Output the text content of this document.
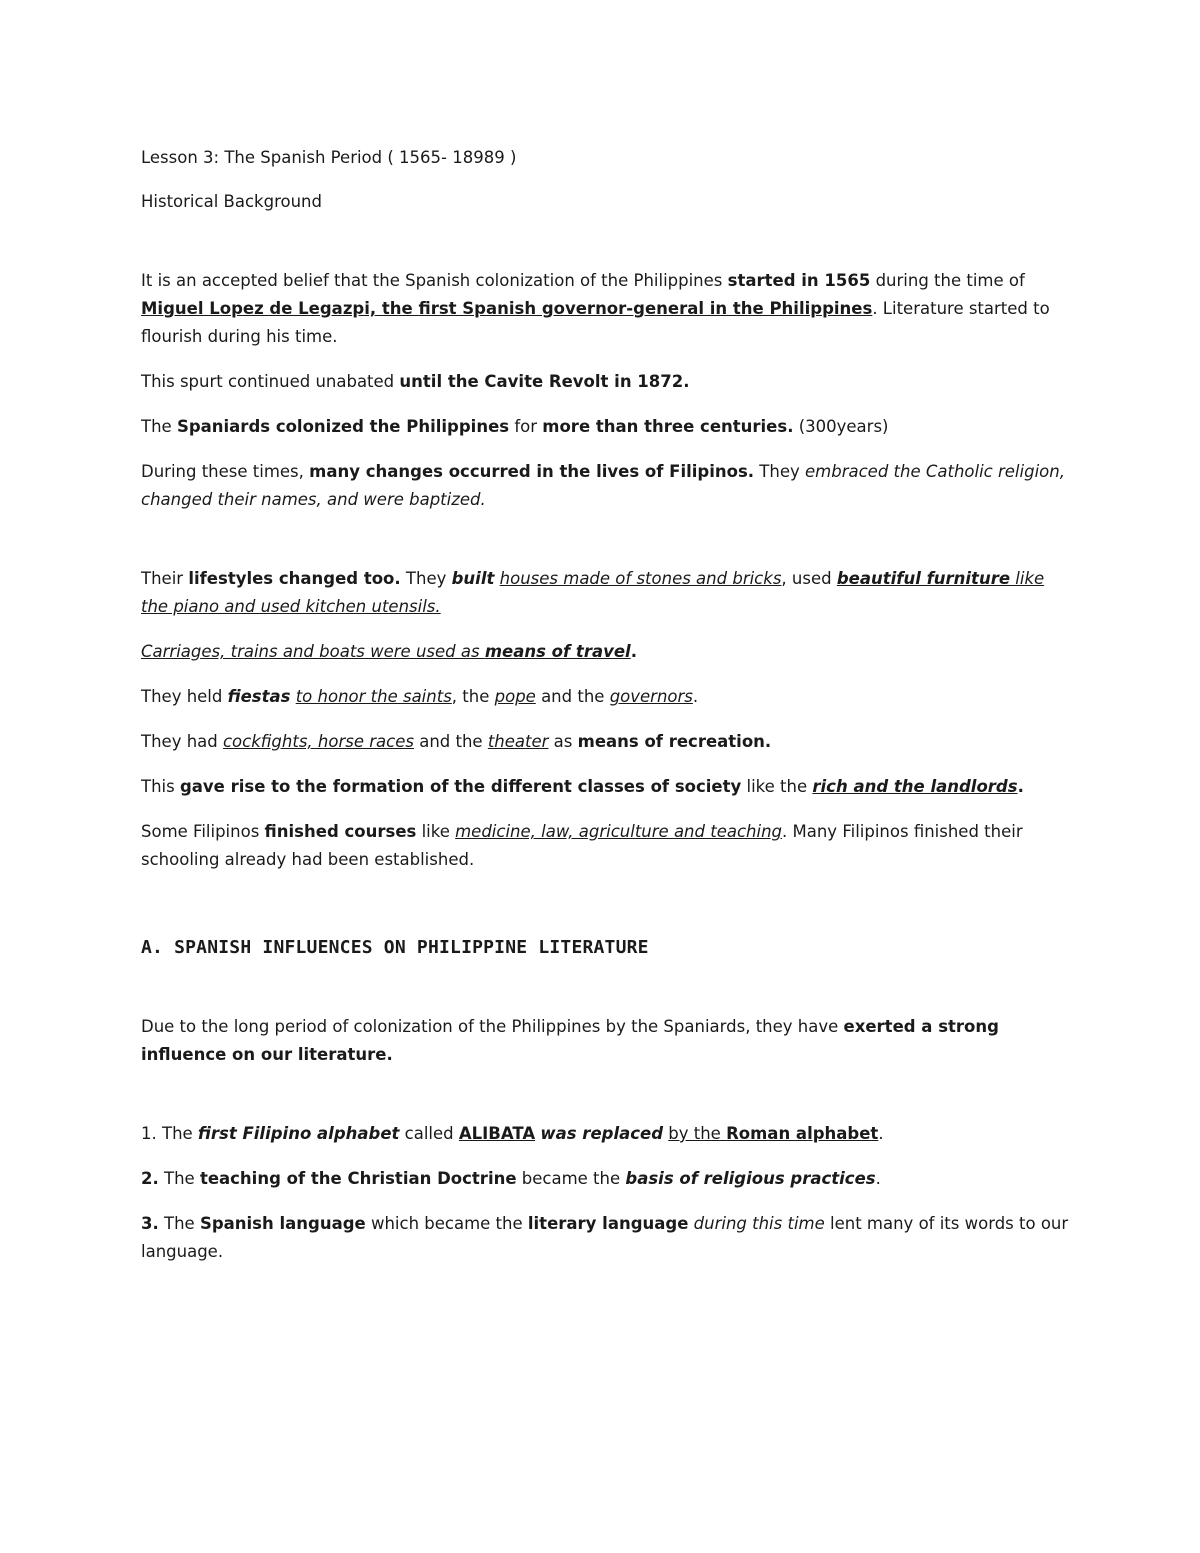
Lesson 3: The Spanish Period ( 1565- 18989 )

Historical Background

It is an accepted belief that the Spanish colonization of the Philippines started in 1565 during the time of Miguel Lopez de Legazpi, the first Spanish governor-general in the Philippines. Literature started to flourish during his time.

This spurt continued unabated until the Cavite Revolt in 1872.

The Spaniards colonized the Philippines for more than three centuries. (300years)

During these times, many changes occurred in the lives of Filipinos. They embraced the Catholic religion, changed their names, and were baptized.

Their lifestyles changed too. They built houses made of stones and bricks, used beautiful furniture like the piano and used kitchen utensils.

Carriages, trains and boats were used as means of travel.

They held fiestas to honor the saints, the pope and the governors.

They had cockfights, horse races and the theater as means of recreation.

This gave rise to the formation of the different classes of society like the rich and the landlords.

Some Filipinos finished courses like medicine, law, agriculture and teaching. Many Filipinos finished their schooling already had been established.

A. SPANISH INFLUENCES ON PHILIPPINE LITERATURE

Due to the long period of colonization of the Philippines by the Spaniards, they have exerted a strong influence on our literature.

1. The first Filipino alphabet called ALIBATA was replaced by the Roman alphabet.

2. The teaching of the Christian Doctrine became the basis of religious practices.

3. The Spanish language which became the literary language during this time lent many of its words to our language.
